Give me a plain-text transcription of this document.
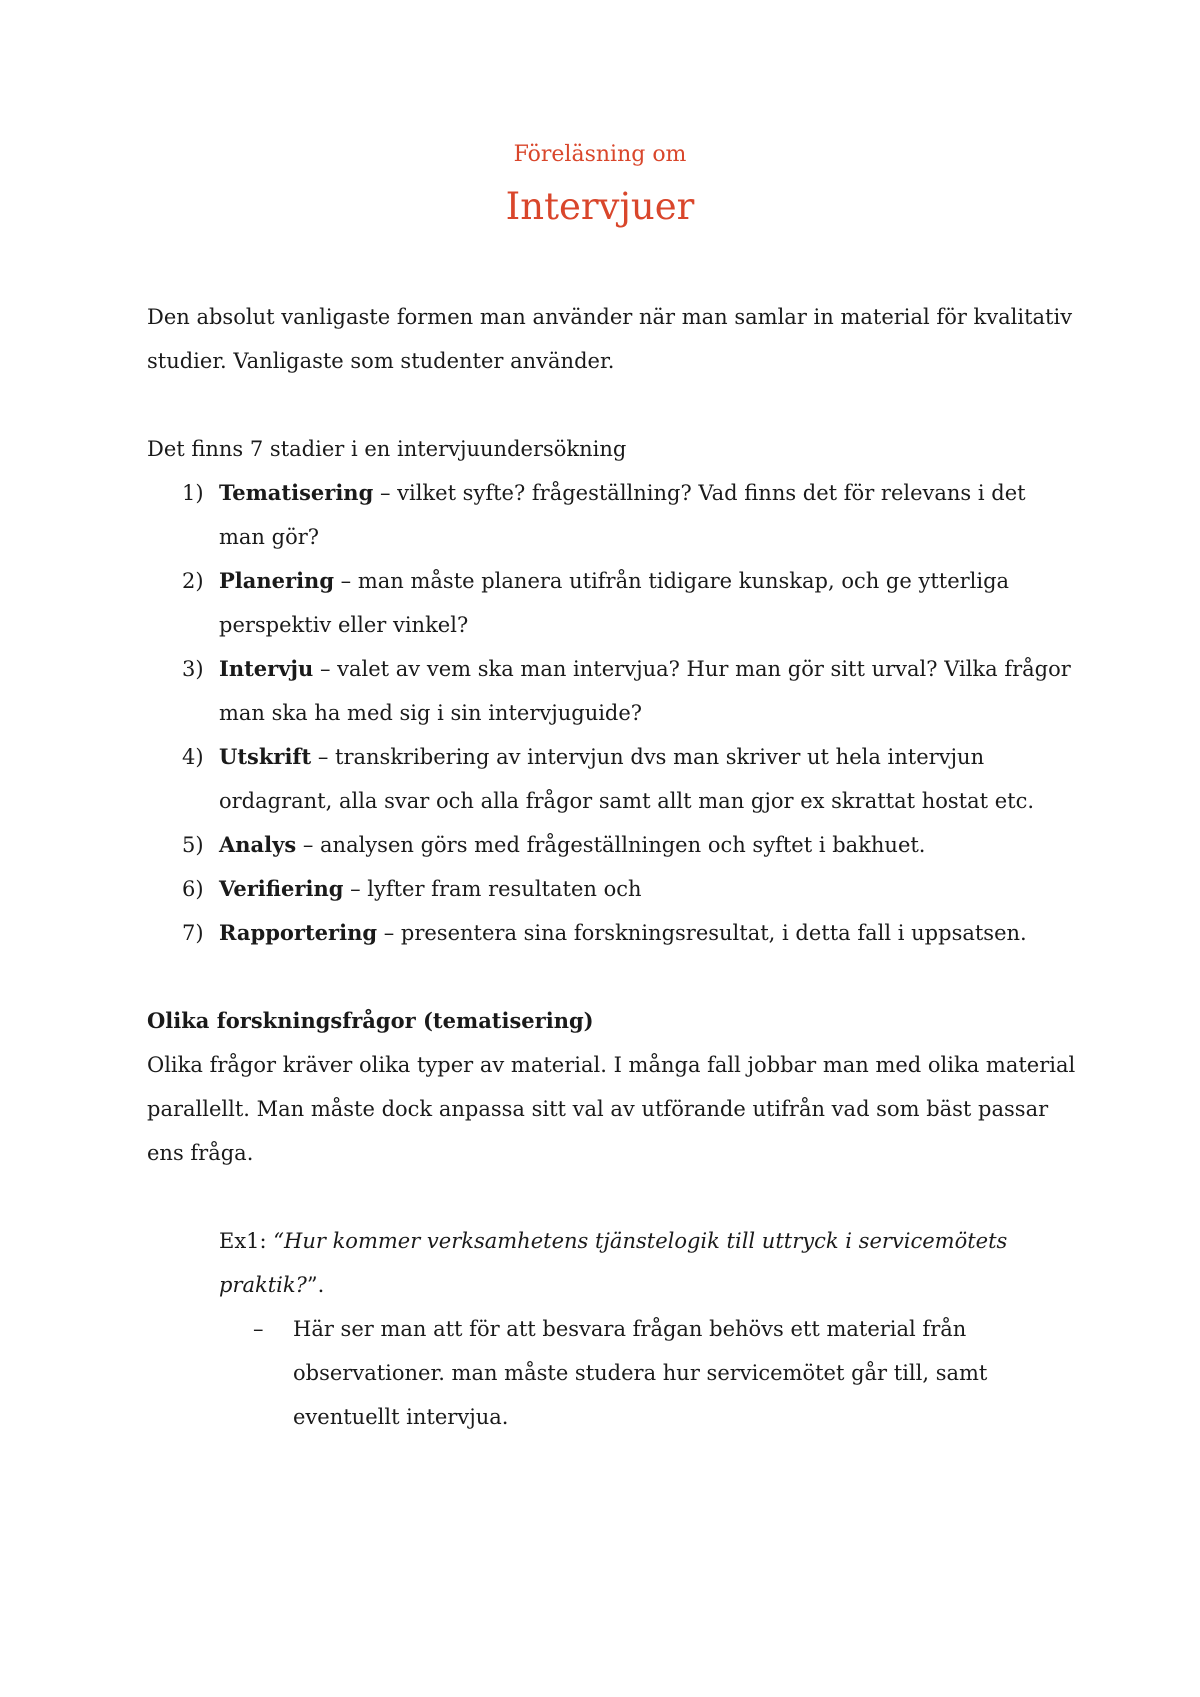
Föreläsning om
Intervjuer

Den absolut vanligaste formen man använder när man samlar in material för kvalitativ studier. Vanligaste som studenter använder.

Det finns 7 stadier i en intervjuundersökning

1) Tematisering – vilket syfte? frågeställning? Vad finns det för relevans i det man gör?
2) Planering – man måste planera utifrån tidigare kunskap, och ge ytterliga perspektiv eller vinkel?
3) Intervju – valet av vem ska man intervjua? Hur man gör sitt urval? Vilka frågor man ska ha med sig i sin intervjuguide?
4) Utskrift – transkribering av intervjun dvs man skriver ut hela intervjun ordagrant, alla svar och alla frågor samt allt man gjor ex skrattat hostat etc.
5) Analys – analysen görs med frågeställningen och syftet i bakhuet.
6) Verifiering – lyfter fram resultaten och
7) Rapportering – presentera sina forskningsresultat, i detta fall i uppsatsen.

Olika forskningsfrågor (tematisering)

Olika frågor kräver olika typer av material. I många fall jobbar man med olika material parallellt. Man måste dock anpassa sitt val av utförande utifrån vad som bäst passar ens fråga.

Ex1: “Hur kommer verksamhetens tjänstelogik till uttryck i servicemötets praktik?”.

– Här ser man att för att besvara frågan behövs ett material från observationer. man måste studera hur servicemötet går till, samt eventuellt intervjua.
